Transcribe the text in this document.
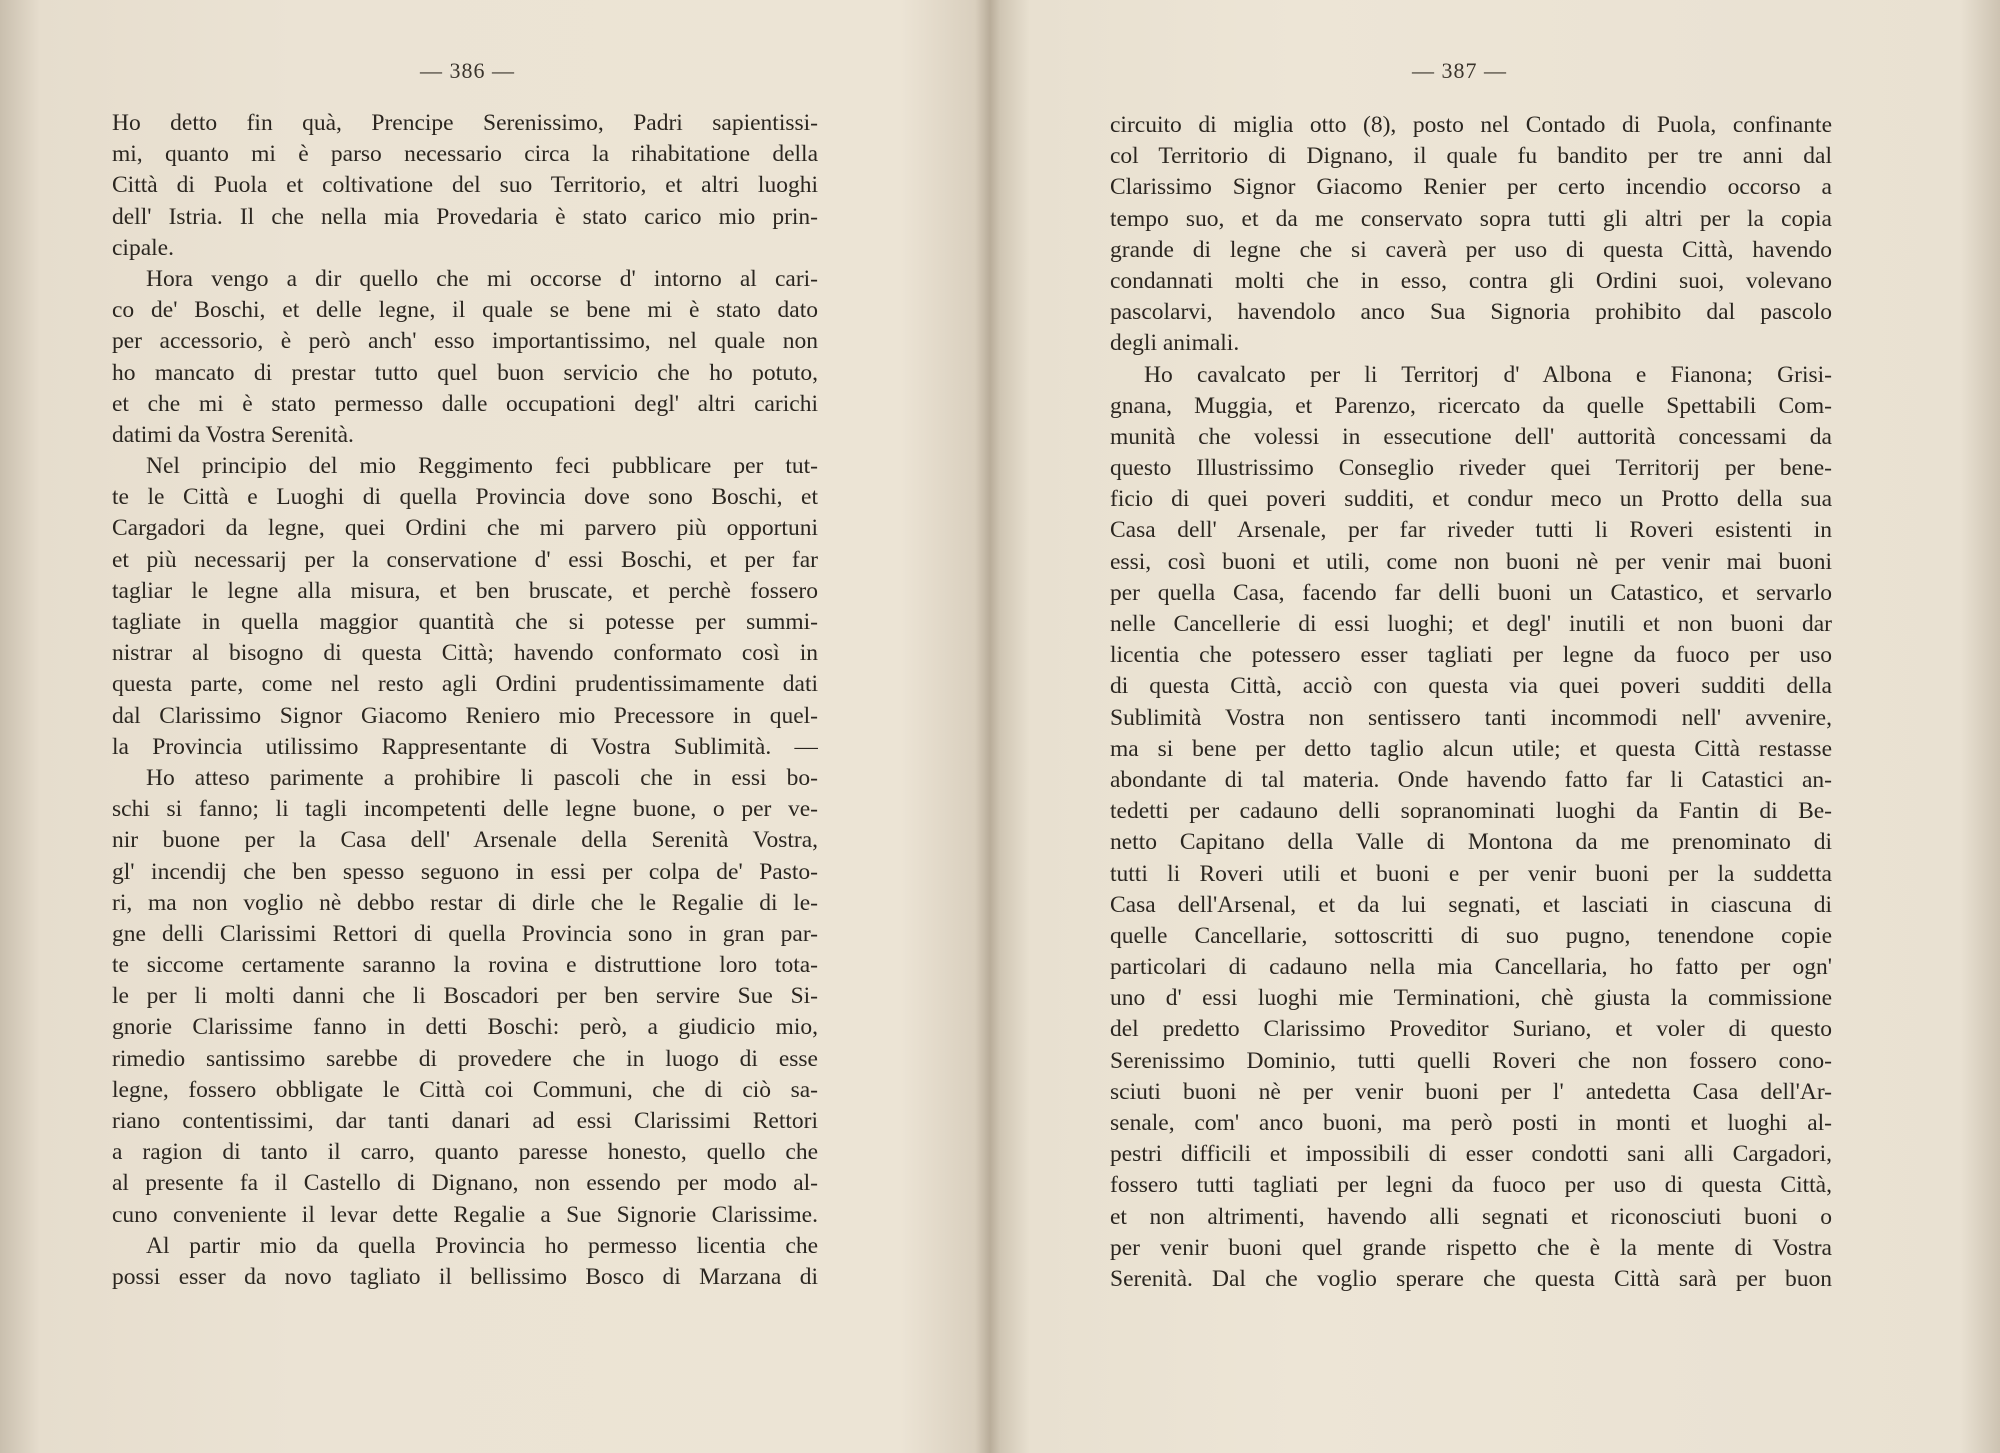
— 386 —
Ho detto fin quà, Prencipe Serenissimo, Padri sapientissi-
mi, quanto mi è parso necessario circa la rihabitatione della
Città di Puola et coltivatione del suo Territorio, et altri luoghi
dell' Istria. Il che nella mia Provedaria è stato carico mio prin-
cipale.
Hora vengo a dir quello che mi occorse d' intorno al cari-
co de' Boschi, et delle legne, il quale se bene mi è stato dato
per accessorio, è però anch' esso importantissimo, nel quale non
ho mancato di prestar tutto quel buon servicio che ho potuto,
et che mi è stato permesso dalle occupationi degl' altri carichi
datimi da Vostra Serenità.
Nel principio del mio Reggimento feci pubblicare per tut-
te le Città e Luoghi di quella Provincia dove sono Boschi, et
Cargadori da legne, quei Ordini che mi parvero più opportuni
et più necessarij per la conservatione d' essi Boschi, et per far
tagliar le legne alla misura, et ben bruscate, et perchè fossero
tagliate in quella maggior quantità che si potesse per summi-
nistrar al bisogno di questa Città; havendo conformato così in
questa parte, come nel resto agli Ordini prudentissimamente dati
dal Clarissimo Signor Giacomo Reniero mio Precessore in quel-
la Provincia utilissimo Rappresentante di Vostra Sublimità. —
Ho atteso parimente a prohibire li pascoli che in essi bo-
schi si fanno; li tagli incompetenti delle legne buone, o per ve-
nir buone per la Casa dell' Arsenale della Serenità Vostra,
gl' incendij che ben spesso seguono in essi per colpa de' Pasto-
ri, ma non voglio nè debbo restar di dirle che le Regalie di le-
gne delli Clarissimi Rettori di quella Provincia sono in gran par-
te siccome certamente saranno la rovina e distruttione loro tota-
le per li molti danni che li Boscadori per ben servire Sue Si-
gnorie Clarissime fanno in detti Boschi: però, a giudicio mio,
rimedio santissimo sarebbe di provedere che in luogo di esse
legne, fossero obbligate le Città coi Communi, che di ciò sa-
riano contentissimi, dar tanti danari ad essi Clarissimi Rettori
a ragion di tanto il carro, quanto paresse honesto, quello che
al presente fa il Castello di Dignano, non essendo per modo al-
cuno conveniente il levar dette Regalie a Sue Signorie Clarissime.
Al partir mio da quella Provincia ho permesso licentia che
possi esser da novo tagliato il bellissimo Bosco di Marzana di
— 387 —
circuito di miglia otto (8), posto nel Contado di Puola, confinante
col Territorio di Dignano, il quale fu bandito per tre anni dal
Clarissimo Signor Giacomo Renier per certo incendio occorso a
tempo suo, et da me conservato sopra tutti gli altri per la copia
grande di legne che si caverà per uso di questa Città, havendo
condannati molti che in esso, contra gli Ordini suoi, volevano
pascolarvi, havendolo anco Sua Signoria prohibito dal pascolo
degli animali.
Ho cavalcato per li Territorj d' Albona e Fianona; Grisi-
gnana, Muggia, et Parenzo, ricercato da quelle Spettabili Com-
munità che volessi in essecutione dell' auttorità concessami da
questo Illustrissimo Conseglio riveder quei Territorij per bene-
ficio di quei poveri sudditi, et condur meco un Protto della sua
Casa dell' Arsenale, per far riveder tutti li Roveri esistenti in
essi, così buoni et utili, come non buoni nè per venir mai buoni
per quella Casa, facendo far delli buoni un Catastico, et servarlo
nelle Cancellerie di essi luoghi; et degl' inutili et non buoni dar
licentia che potessero esser tagliati per legne da fuoco per uso
di questa Città, acciò con questa via quei poveri sudditi della
Sublimità Vostra non sentissero tanti incommodi nell' avvenire,
ma si bene per detto taglio alcun utile; et questa Città restasse
abondante di tal materia. Onde havendo fatto far li Catastici an-
tedetti per cadauno delli sopranominati luoghi da Fantin di Be-
netto Capitano della Valle di Montona da me prenominato di
tutti li Roveri utili et buoni e per venir buoni per la suddetta
Casa dell'Arsenal, et da lui segnati, et lasciati in ciascuna di
quelle Cancellarie, sottoscritti di suo pugno, tenendone copie
particolari di cadauno nella mia Cancellaria, ho fatto per ogn'
uno d' essi luoghi mie Terminationi, chè giusta la commissione
del predetto Clarissimo Proveditor Suriano, et voler di questo
Serenissimo Dominio, tutti quelli Roveri che non fossero cono-
sciuti buoni nè per venir buoni per l' antedetta Casa dell'Ar-
senale, com' anco buoni, ma però posti in monti et luoghi al-
pestri difficili et impossibili di esser condotti sani alli Cargadori,
fossero tutti tagliati per legni da fuoco per uso di questa Città,
et non altrimenti, havendo alli segnati et riconosciuti buoni o
per venir buoni quel grande rispetto che è la mente di Vostra
Serenità. Dal che voglio sperare che questa Città sarà per buon
